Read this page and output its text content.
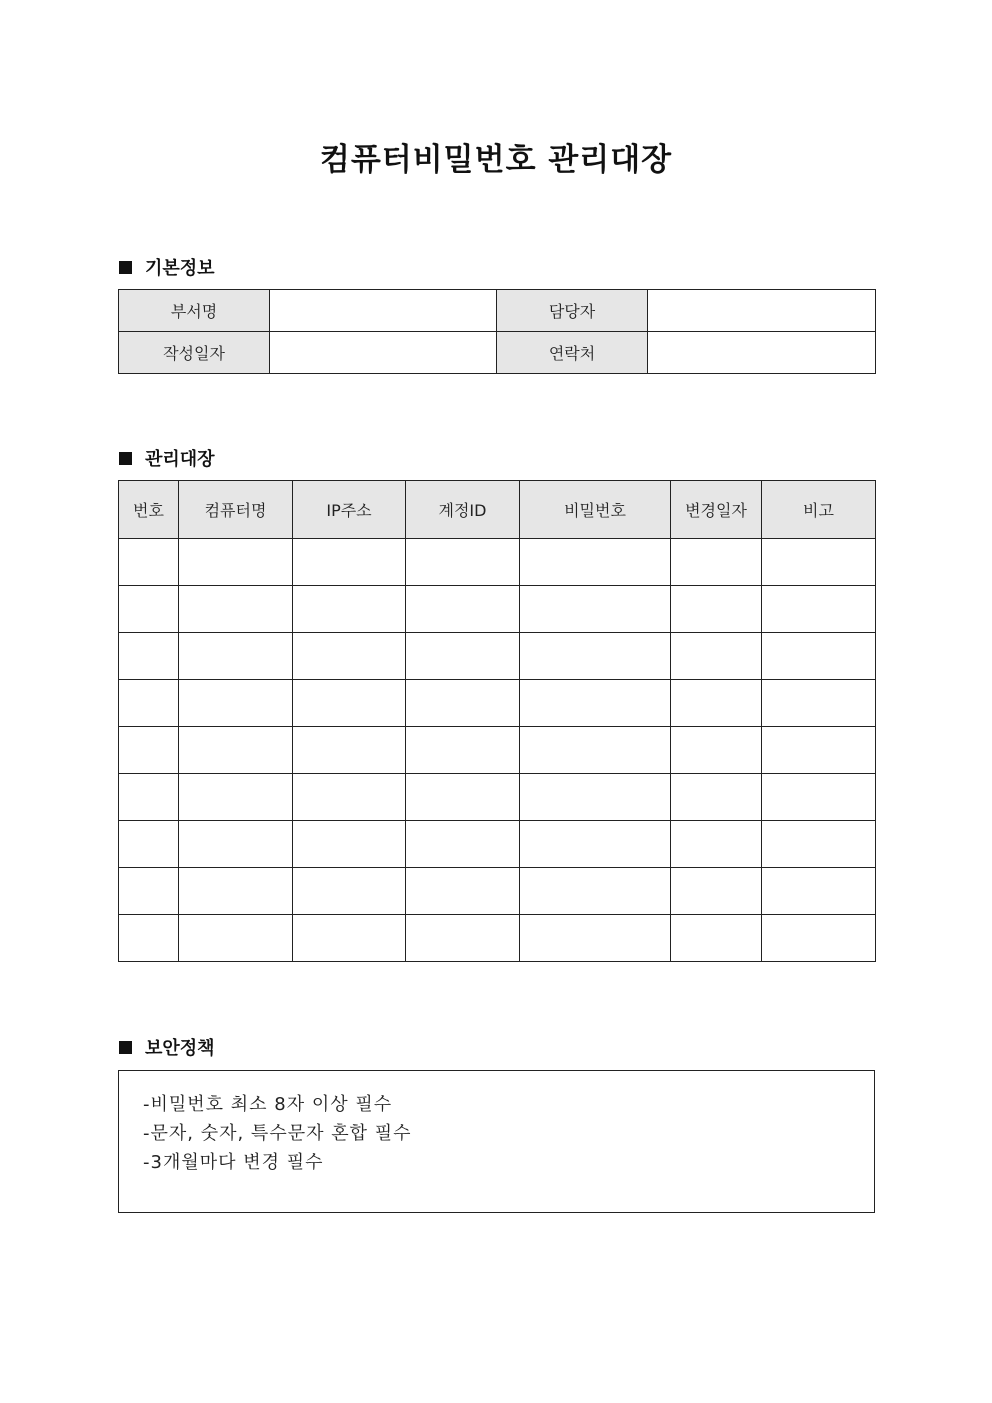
컴퓨터비밀번호 관리대장
기본정보
부서명		담당자	
작성일자		연락처	
관리대장
번호	컴퓨터명	IP주소	계정ID	비밀번호	변경일자	비고

보안정책
-비밀번호 최소 8자 이상 필수
-문자, 숫자, 특수문자 혼합 필수
-3개월마다 변경 필수
